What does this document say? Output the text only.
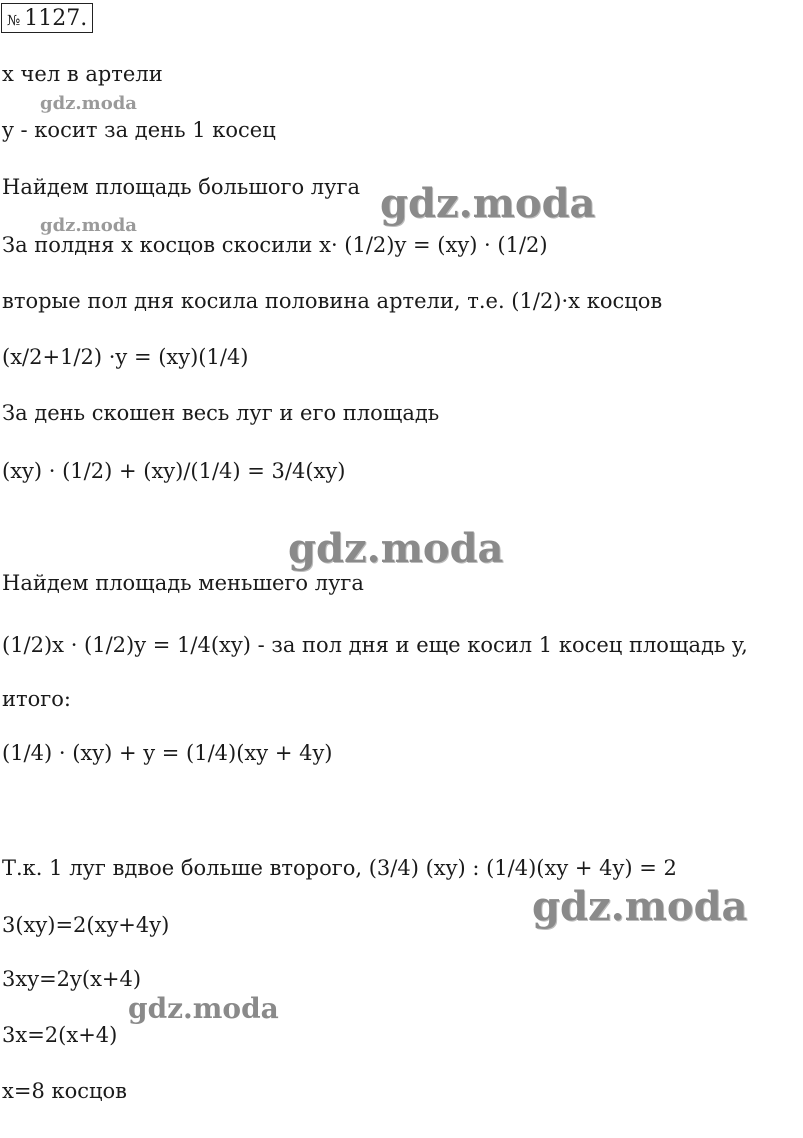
№ 1127.
x чел в артели
y - косит за день 1 косец
Найдем площадь большого луга
За полдня x косцов скосили x· (1/2)y = (xy) · (1/2)
вторые пол дня косила половина артели, т.е. (1/2)·x косцов
(x/2+1/2) ·y = (xy)(1/4)
За день скошен весь луг и его площадь
(xy) · (1/2) + (xy)/(1/4) = 3/4(xy)
Найдем площадь меньшего луга
(1/2)x · (1/2)y = 1/4(xy) - за пол дня и еще косил 1 косец площадь y,
итого:
(1/4) · (xy) + y = (1/4)(xy + 4y)
Т.к. 1 луг вдвое больше второго, (3/4) (xy) : (1/4)(xy + 4y) = 2
3(xy)=2(xy+4y)
3xy=2y(x+4)
3x=2(x+4)
x=8 косцов
gdz.moda
gdz.moda
gdz.moda
gdz.moda
gdz.moda
gdz.moda
